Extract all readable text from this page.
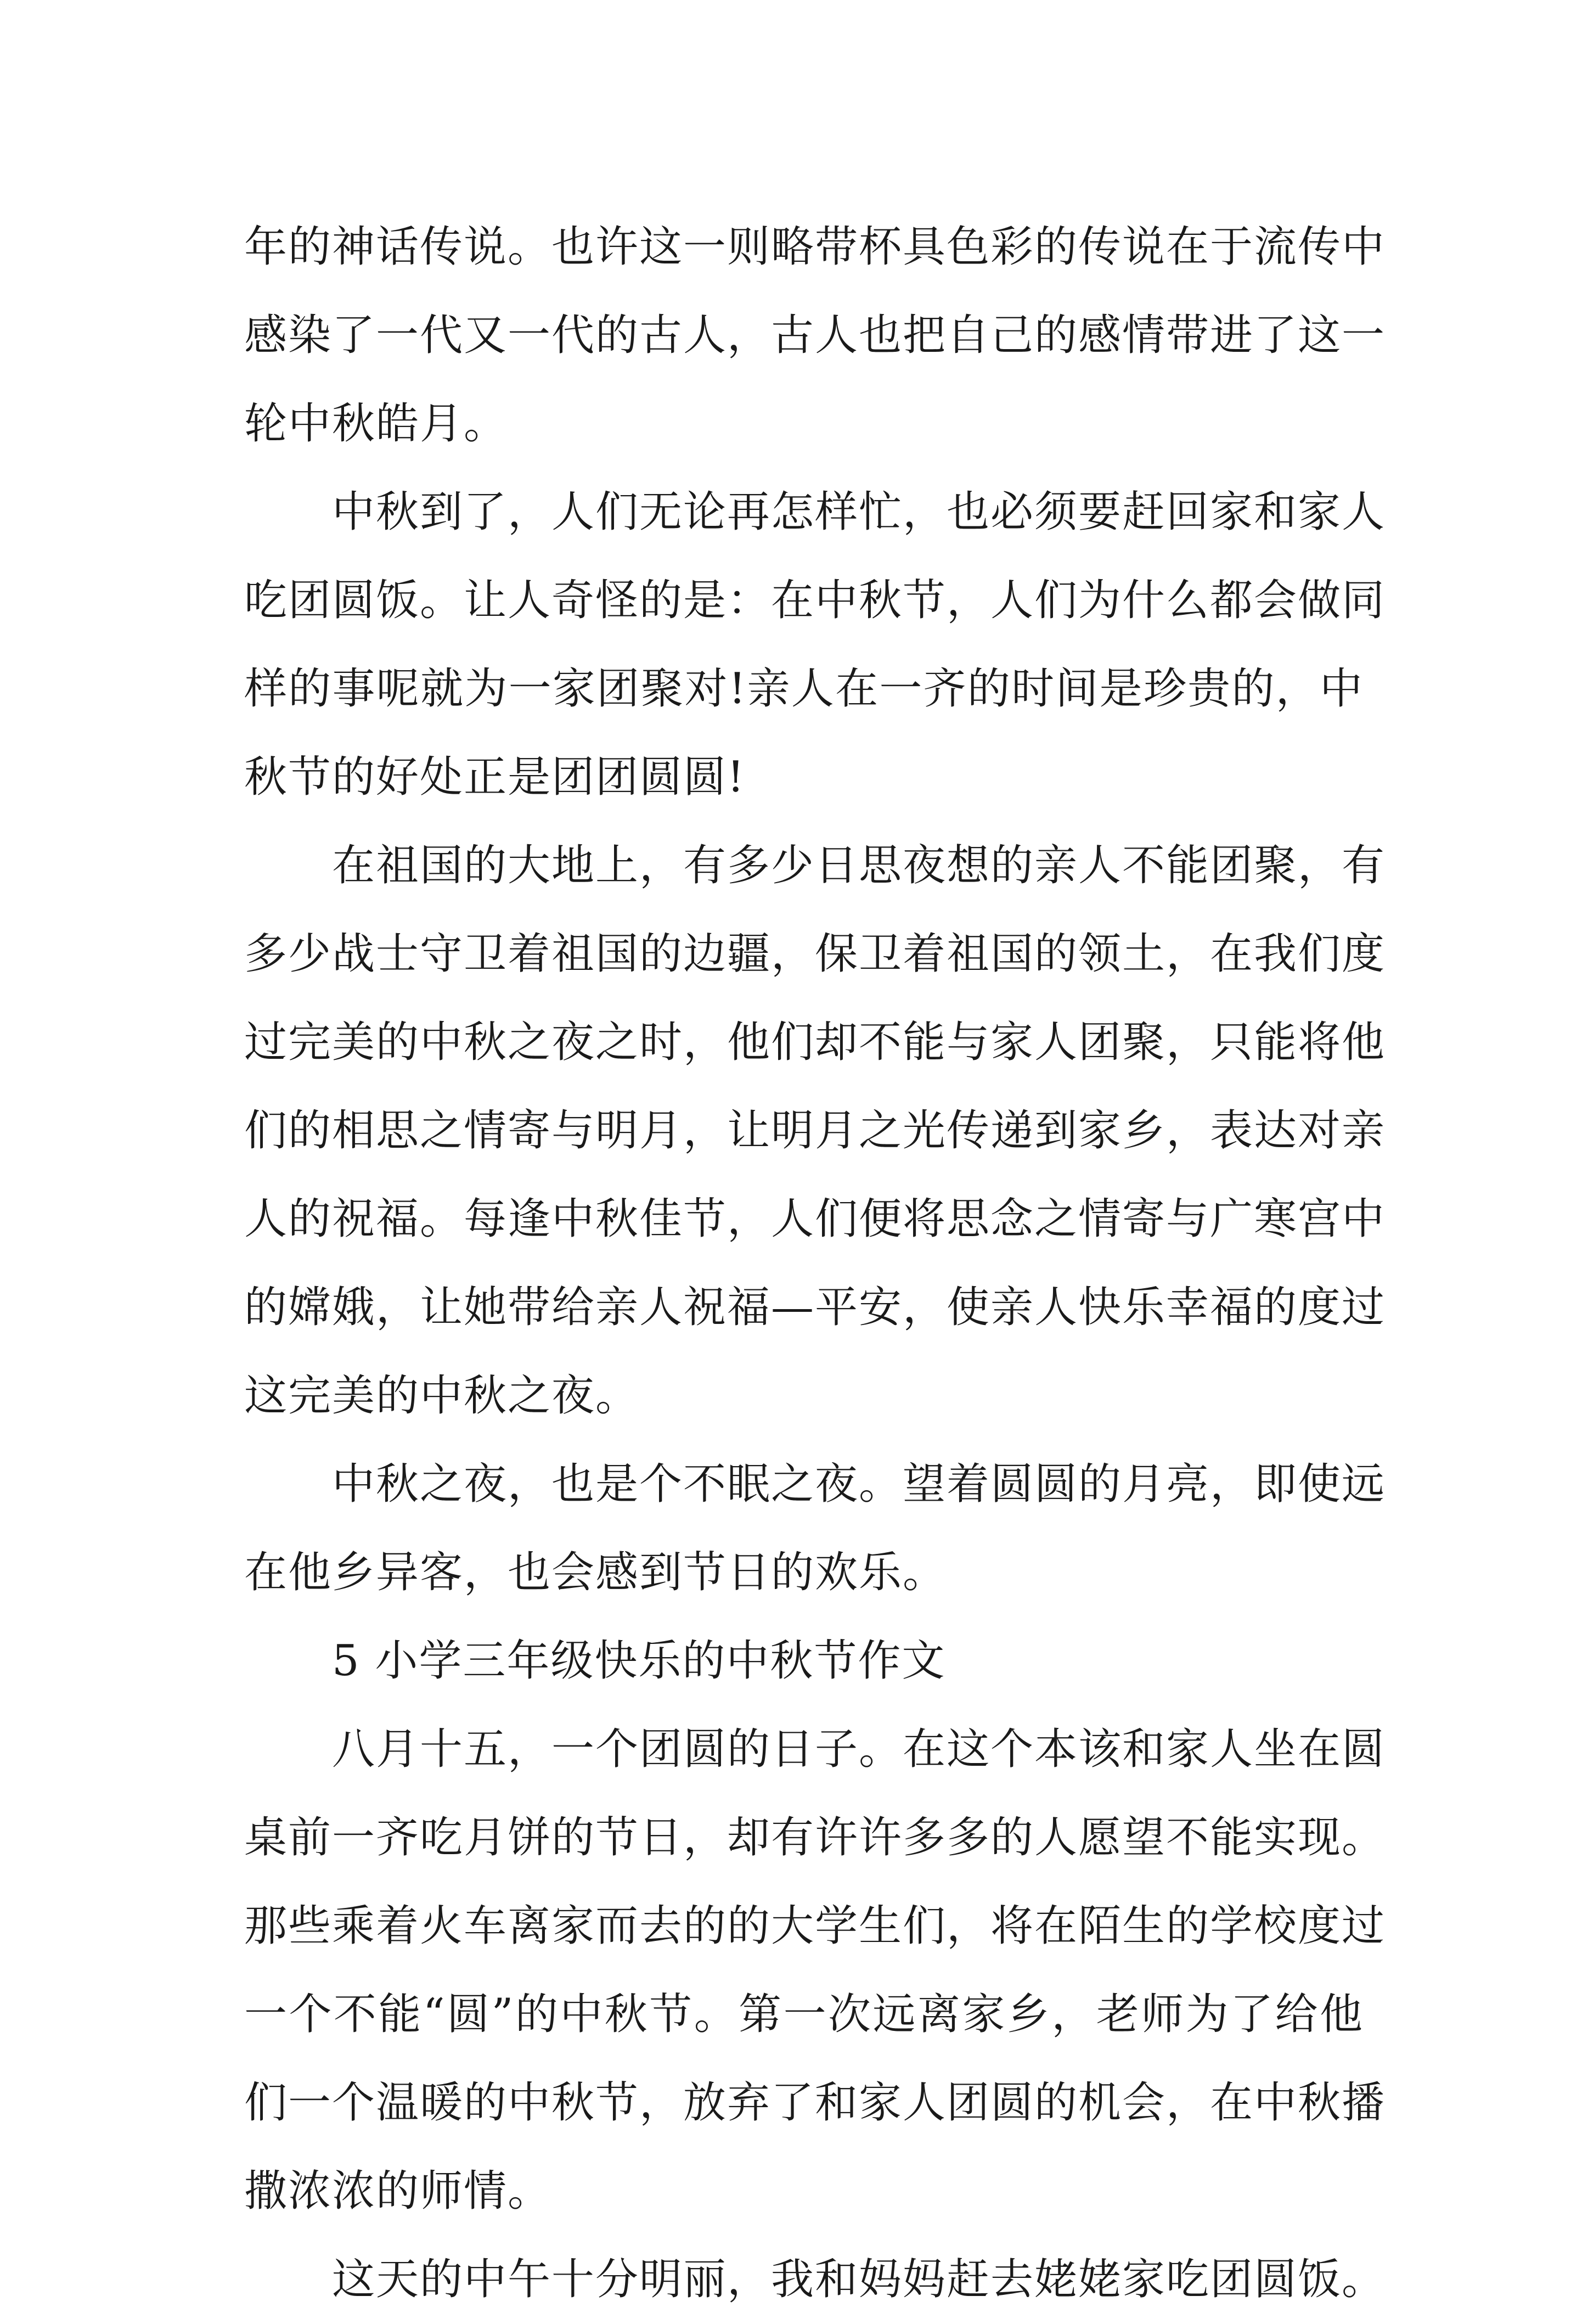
年的神话传说。也许这一则略带杯具色彩的传说在于流传中
感染了一代又一代的古人，古人也把自己的感情带进了这一
轮中秋皓月。
中秋到了，人们无论再怎样忙，也必须要赶回家和家人
吃团圆饭。让人奇怪的是：在中秋节，人们为什么都会做同
样的事呢就为一家团聚对!亲人在一齐的时间是珍贵的，中
秋节的好处正是团团圆圆!
在祖国的大地上，有多少日思夜想的亲人不能团聚，有
多少战士守卫着祖国的边疆，保卫着祖国的领土，在我们度
过完美的中秋之夜之时，他们却不能与家人团聚，只能将他
们的相思之情寄与明月，让明月之光传递到家乡，表达对亲
人的祝福。每逢中秋佳节，人们便将思念之情寄与广寒宫中
的嫦娥，让她带给亲人祝福—平安，使亲人快乐幸福的度过
这完美的中秋之夜。
中秋之夜，也是个不眠之夜。望着圆圆的月亮，即使远
在他乡异客，也会感到节日的欢乐。
5 小学三年级快乐的中秋节作文
八月十五，一个团圆的日子。在这个本该和家人坐在圆
桌前一齐吃月饼的节日，却有许许多多的人愿望不能实现。
那些乘着火车离家而去的的大学生们，将在陌生的学校度过
一个不能“圆”的中秋节。第一次远离家乡，老师为了给他
们一个温暖的中秋节，放弃了和家人团圆的机会，在中秋播
撒浓浓的师情。
这天的中午十分明丽，我和妈妈赶去姥姥家吃团圆饭。
